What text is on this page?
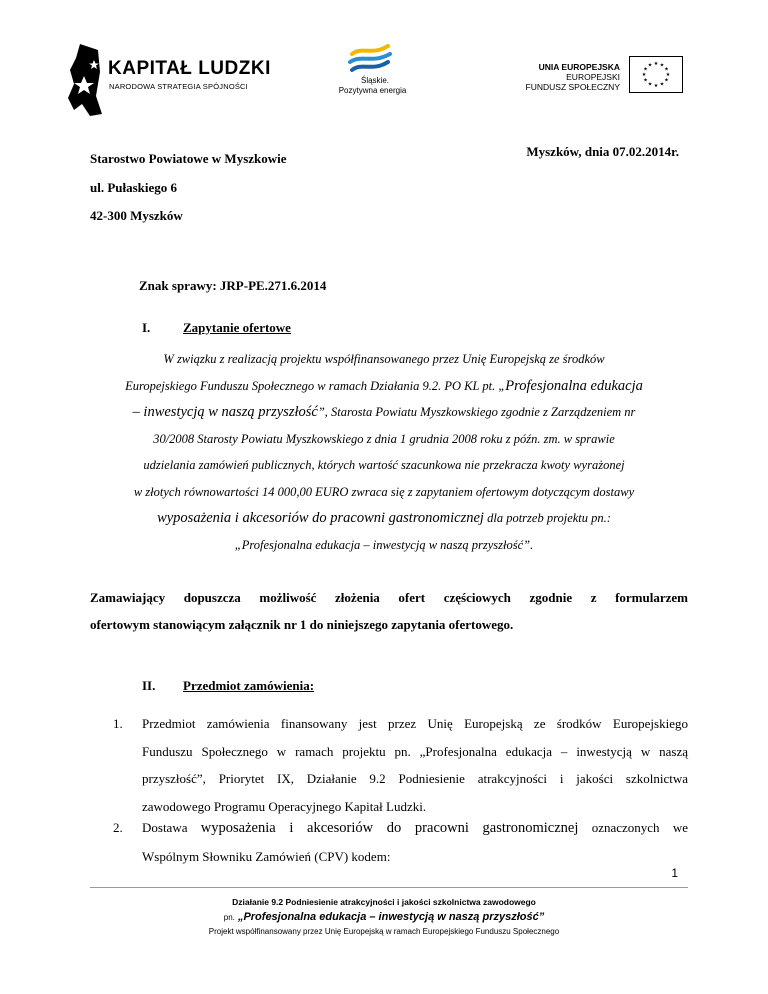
KAPITAŁ LUDZKI
NARODOWA STRATEGIA SPÓJNOŚCI
Śląskie.
Pozytywna energia
UNIA EUROPEJSKA
EUROPEJSKI
FUNDUSZ SPOŁECZNY
★ ★
★
★
★
★
★
★
★
★
★
★
Myszków, dnia 07.02.2014r.
Starostwo Powiatowe w Myszkowie
ul. Pułaskiego 6
42-300 Myszków
Znak sprawy: JRP-PE.271.6.2014
I.	Zapytanie ofertowe
W związku z realizacją projektu współfinansowanego przez Unię Europejską ze środków
Europejskiego Funduszu Społecznego w ramach Działania 9.2. PO KL pt. „Profesjonalna edukacja
– inwestycją w naszą przyszłość”, Starosta Powiatu Myszkowskiego zgodnie z Zarządzeniem nr
30/2008 Starosty Powiatu Myszkowskiego z dnia 1 grudnia 2008 roku z późn. zm. w sprawie
udzielania zamówień publicznych, których wartość szacunkowa nie przekracza kwoty wyrażonej
w złotych równowartości 14 000,00 EURO zwraca się z zapytaniem ofertowym dotyczącym dostawy
wyposażenia i akcesoriów do pracowni gastronomicznej dla potrzeb projektu pn.:
„Profesjonalna edukacja – inwestycją w naszą przyszłość”.
Zamawiający dopuszcza możliwość złożenia ofert częściowych zgodnie z formularzem
ofertowym stanowiącym załącznik nr 1 do niniejszego zapytania ofertowego.
II. Przedmiot zamówienia:
1. Przedmiot zamówienia finansowany jest przez Unię Europejską ze środków Europejskiego
Funduszu Społecznego w ramach projektu pn. „Profesjonalna edukacja – inwestycją w naszą
przyszłość”, Priorytet IX, Działanie 9.2 Podniesienie atrakcyjności i jakości szkolnictwa
zawodowego Programu Operacyjnego Kapitał Ludzki.
2. Dostawa wyposażenia i akcesoriów do pracowni gastronomicznej oznaczonych we
Wspólnym Słowniku Zamówień (CPV) kodem:
1
Działanie 9.2 Podniesienie atrakcyjności i jakości szkolnictwa zawodowego
pn. „Profesjonalna edukacja – inwestycją w naszą przyszłość”
Projekt współfinansowany przez Unię Europejską w ramach Europejskiego Funduszu Społecznego
